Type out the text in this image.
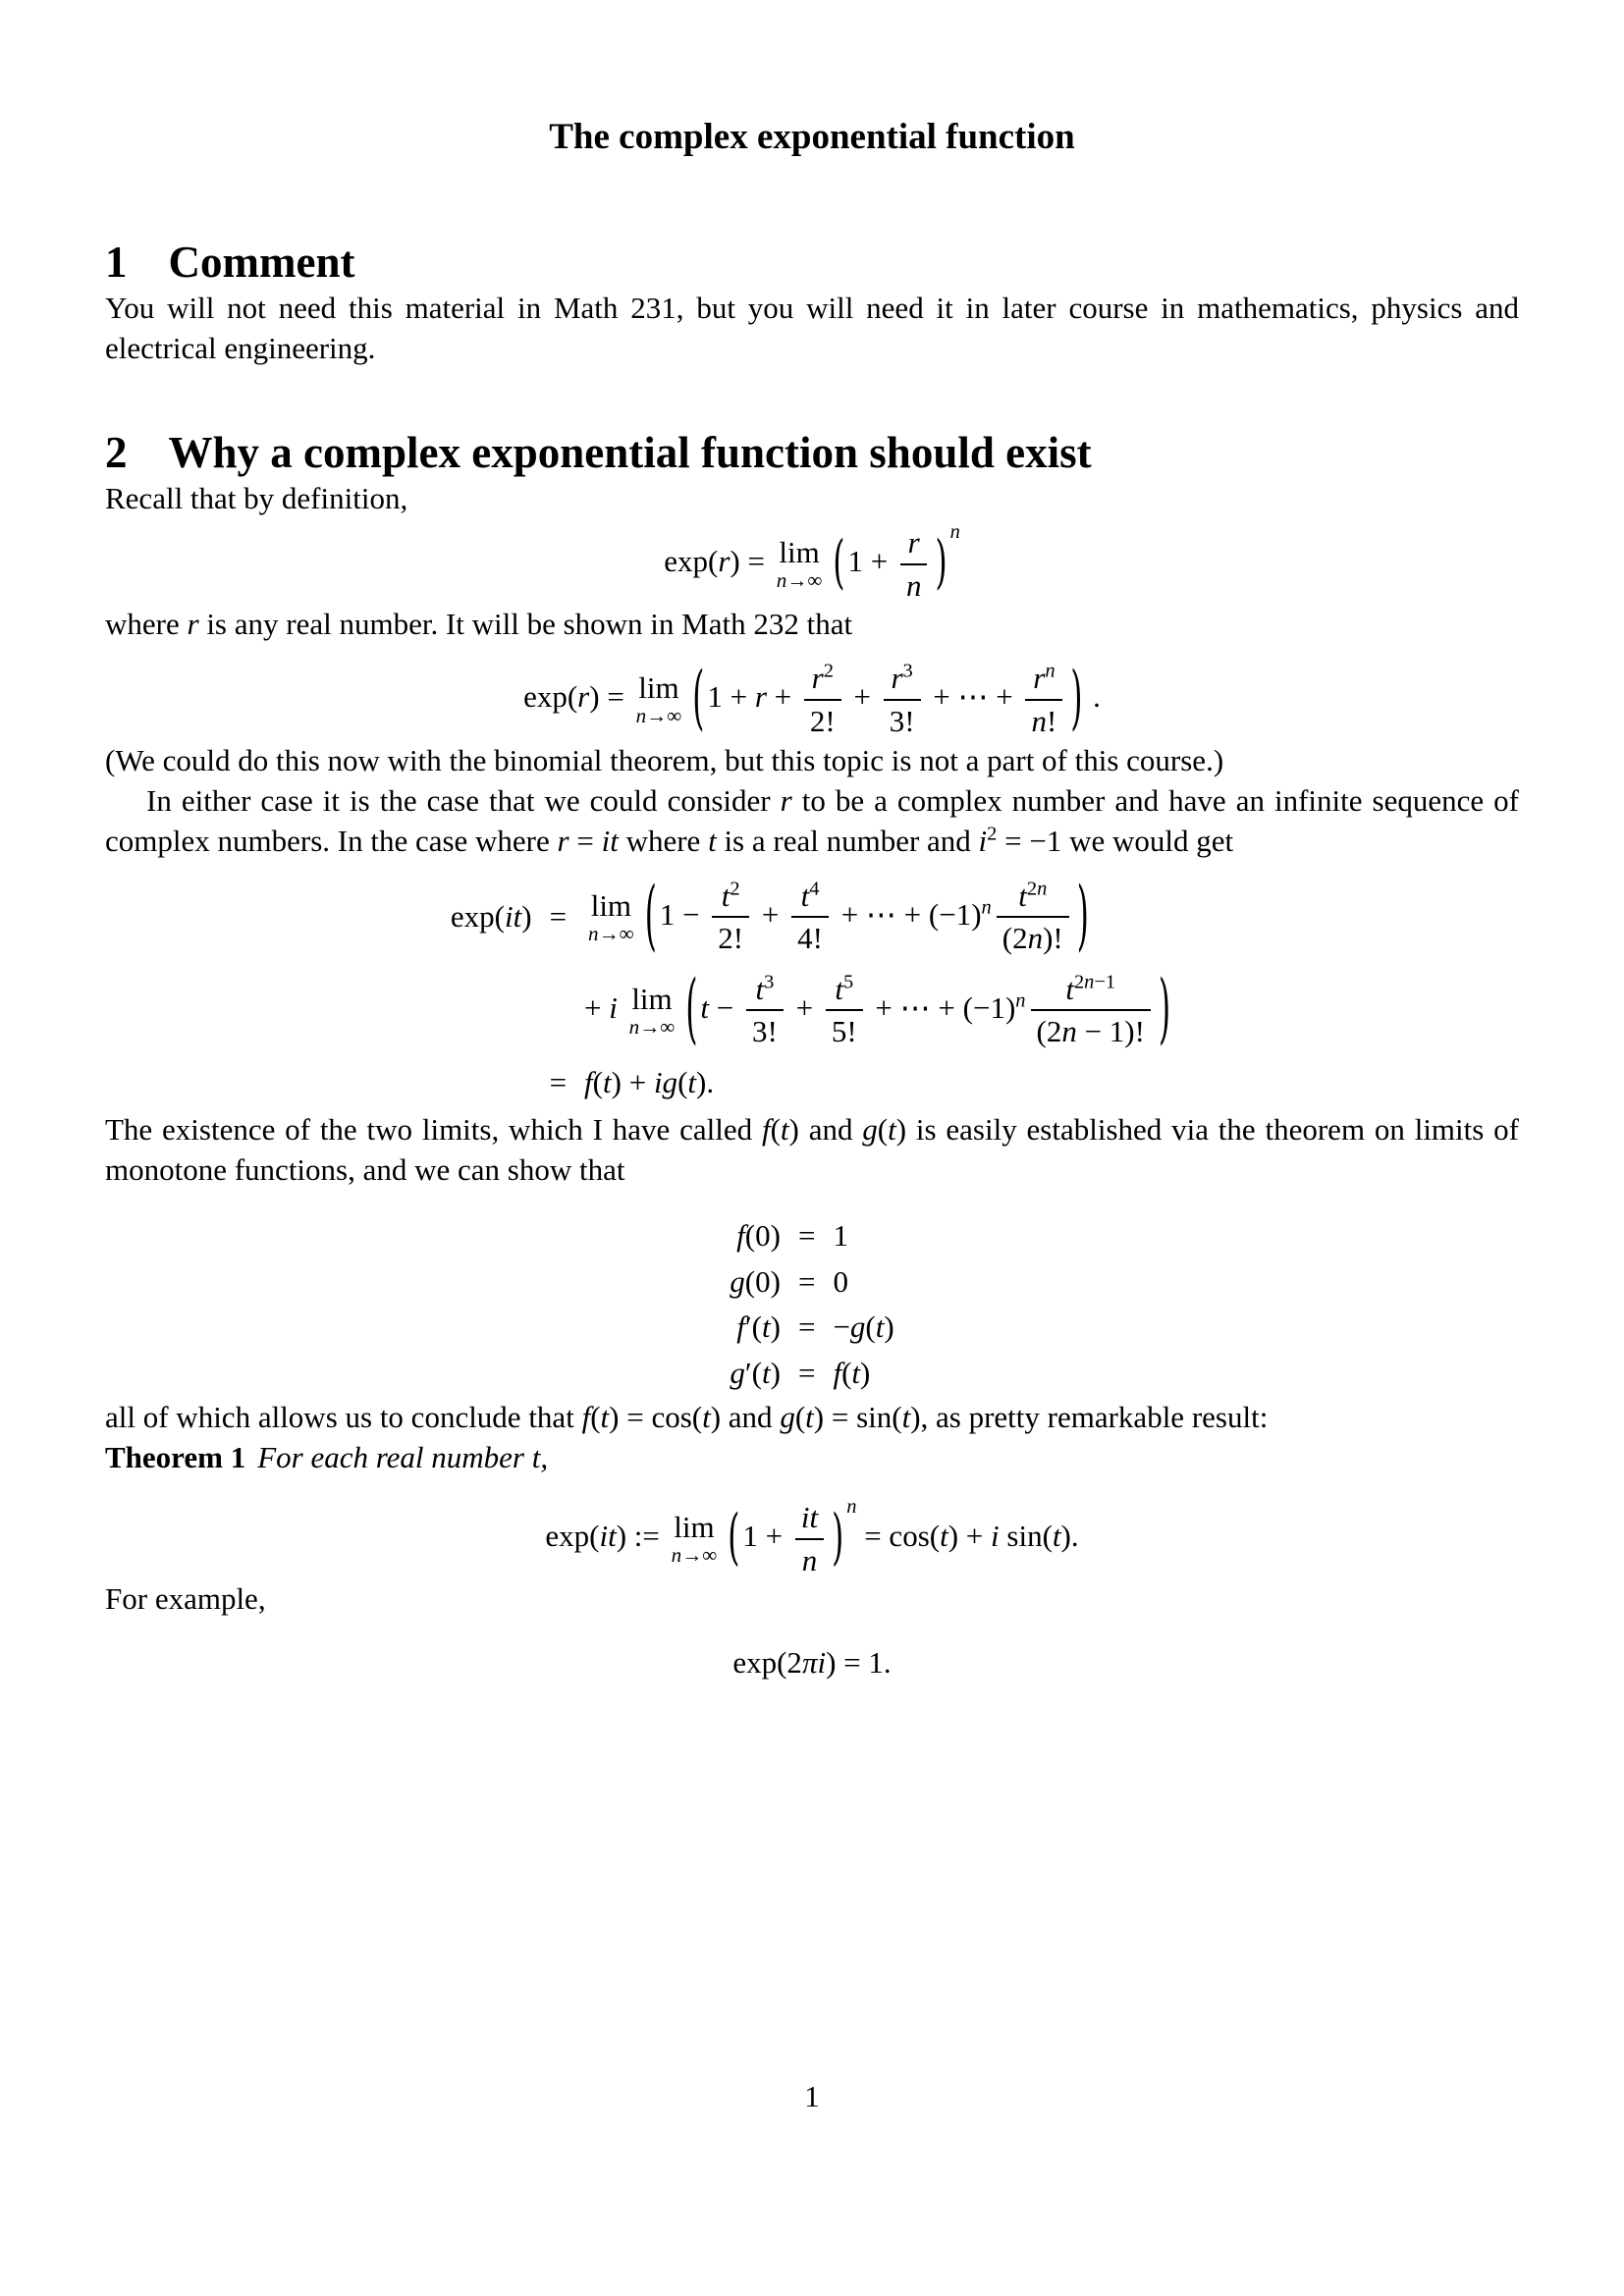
The complex exponential function
1 Comment

You will not need this material in Math 231, but you will need it in later course in mathematics, physics and electrical engineering.

2 Why a complex exponential function should exist

Recall that by definition,

exp(r) = lim
n→∞ ($1 + \frac{r}{n}$ ) $^n$

where r is any real number. It will be shown in Math 232 that

exp(r) = lim
n→∞ ($1 + r + \frac{r^2}{2!} + \frac{r^3}{3!}$ + ⋯ + $\frac{r^n}{n!}$ ) .

(We could do this now with the binomial theorem, but this topic is not a part of this course.)

In either case it is the case that we could consider r to be a complex number and have an infinite sequence of complex numbers. In the case where r = it where t is a real number and $i^2 = -1$ we would get

exp(it)	=	lim
n→∞ ($1 - \frac{t^2}{2!} + \frac{t^4}{4!}$ + ⋯ + $(-1)^n \frac{t^{2n}}{(2n)!}$ )
		+ i lim
n→∞ ($t - \frac{t^3}{3!} + \frac{t^5}{5!}$ + ⋯ + $(-1)^n \frac{t^{2n-1}}{(2n - 1)!}$ )
	=	f(t) + ig(t).

The existence of the two limits, which I have called f(t) and g(t) is easily established via the theorem on limits of monotone functions, and we can show that

f(0)	=	1
g(0)	=	0
f′(t)	=	−g(t)
g′(t)	=	f(t)

all of which allows us to conclude that f(t) = cos(t) and g(t) = sin(t), as pretty remarkable result:

Theorem 1 For each real number t,

exp(it) := lim
n→∞ ($1 + \frac{it}{n}$ ) $^n$ = cos(t) + i sin(t).

For example,

exp(2πi) = 1.
1
